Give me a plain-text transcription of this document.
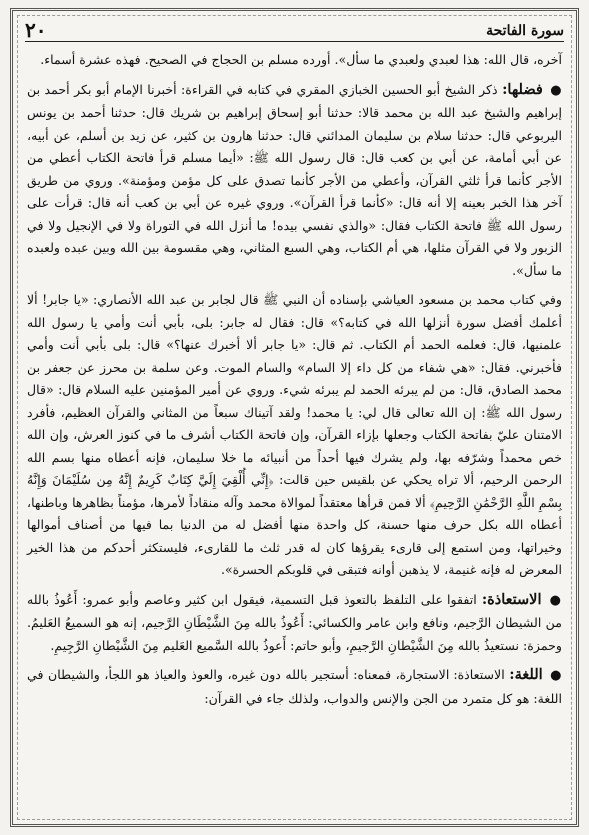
سورة الفاتحة
٢٠

آخره، قال الله: هذا لعبدي ولعبدي ما سأل». أورده مسلم بن الحجاج في الصحيح. فهذه عشرة أسماء.

● فضلها: ذكر الشيخ أبو الحسين الخبازي المقري في كتابه في القراءة: أخبرنا الإمام أبو بكر أحمد بن إبراهيم والشيخ عبد الله بن محمد قالا: حدثنا أبو إسحاق إبراهيم بن شريك قال: حدثنا أحمد بن يونس اليربوعي قال: حدثنا سلام بن سليمان المدائني قال: حدثنا هارون بن كثير، عن زيد بن أسلم، عن أبيه، عن أبي أمامة، عن أبي بن كعب قال: قال رسول الله ﷺ: «أيما مسلم قرأ فاتحة الكتاب أعطي من الأجر كأنما قرأ ثلثي القرآن، وأعطي من الأجر كأنما تصدق على كل مؤمن ومؤمنة». وروي من طريق آخر هذا الخبر بعينه إلا أنه قال: «كأنما قرأ القرآن». وروي غيره عن أبي بن كعب أنه قال: قرأت على رسول الله ﷺ فاتحة الكتاب فقال: «والذي نفسي بيده! ما أنزل الله في التوراة ولا في الإنجيل ولا في الزبور ولا في القرآن مثلها، هي أم الكتاب، وهي السبع المثاني، وهي مقسومة بين الله وبين عبده ولعبده ما سأل».

وفي كتاب محمد بن مسعود العياشي بإسناده أن النبي ﷺ قال لجابر بن عبد الله الأنصاري: «يا جابر! ألا أعلمك أفضل سورة أنزلها الله في كتابه؟» قال: فقال له جابر: بلى، بأبي أنت وأمي يا رسول الله علمنيها، قال: فعلمه الحمد أم الكتاب. ثم قال: «يا جابر ألا أخبرك عنها؟» قال: بلى بأبي أنت وأمي فأخبرني. فقال: «هي شفاء من كل داء إلا السام» والسام الموت. وعن سلمة بن محرز عن جعفر بن محمد الصادق، قال: من لم يبرئه الحمد لم يبرئه شيء. وروي عن أمير المؤمنين عليه السلام قال: «قال رسول الله ﷺ: إن الله تعالى قال لي: يا محمد! ولقد آتيناك سبعاً من المثاني والقرآن العظيم، فأفرد الامتنان عليّ بفاتحة الكتاب وجعلها بإزاء القرآن، وإن فاتحة الكتاب أشرف ما في كنوز العرش، وإن الله خص محمداً وشرّفه بها، ولم يشرك فيها أحداً من أنبيائه ما خلا سليمان، فإنه أعطاه منها بسم الله الرحمن الرحيم، ألا تراه يحكي عن بلقيس حين قالت: ﴿إِنِّي أُلْقِيَ إِلَيَّ كِتَابٌ كَرِيمٌ إِنَّهُ مِن سُلَيْمَانَ وَإِنَّهُ بِسْمِ اللَّهِ الرَّحْمَٰنِ الرَّحِيمِ﴾ ألا فمن قرأها معتقداً لموالاة محمد وآله منقاداً لأمرها، مؤمناً بظاهرها وباطنها، أعطاه الله بكل حرف منها حسنة، كل واحدة منها أفضل له من الدنيا بما فيها من أصناف أموالها وخيراتها، ومن استمع إلى قارىء يقرؤها كان له قدر ثلث ما للقارىء، فليستكثر أحدكم من هذا الخير المعرض له فإنه غنيمة، لا يذهبن أوانه فتبقى في قلوبكم الحسرة».

● الاستعاذة: اتفقوا على التلفظ بالتعوذ قبل التسمية، فيقول ابن كثير وعاصم وأبو عمرو: أَعُوذُ بالله من الشيطان الرَّجيم، ونافع وابن عامر والكسائي: أَعُوذُ بالله مِنَ الشَّيْطَانِ الرَّجيم، إنه هو السميعُ العَليمُ. وحمزة: نستعيذُ بالله مِنَ الشَّيْطانِ الرَّجيمِ، وأبو حاتم: أَعوذُ بالله السَّميع العَليم مِنَ الشَّيْطانِ الرَّجِيمِ.

● اللغة: الاستعاذة: الاستجارة، فمعناه: أستجير بالله دون غيره، والعوذ والعياذ هو اللجأ، والشيطان في اللغة: هو كل متمرد من الجن والإنس والدواب، ولذلك جاء في القرآن:
